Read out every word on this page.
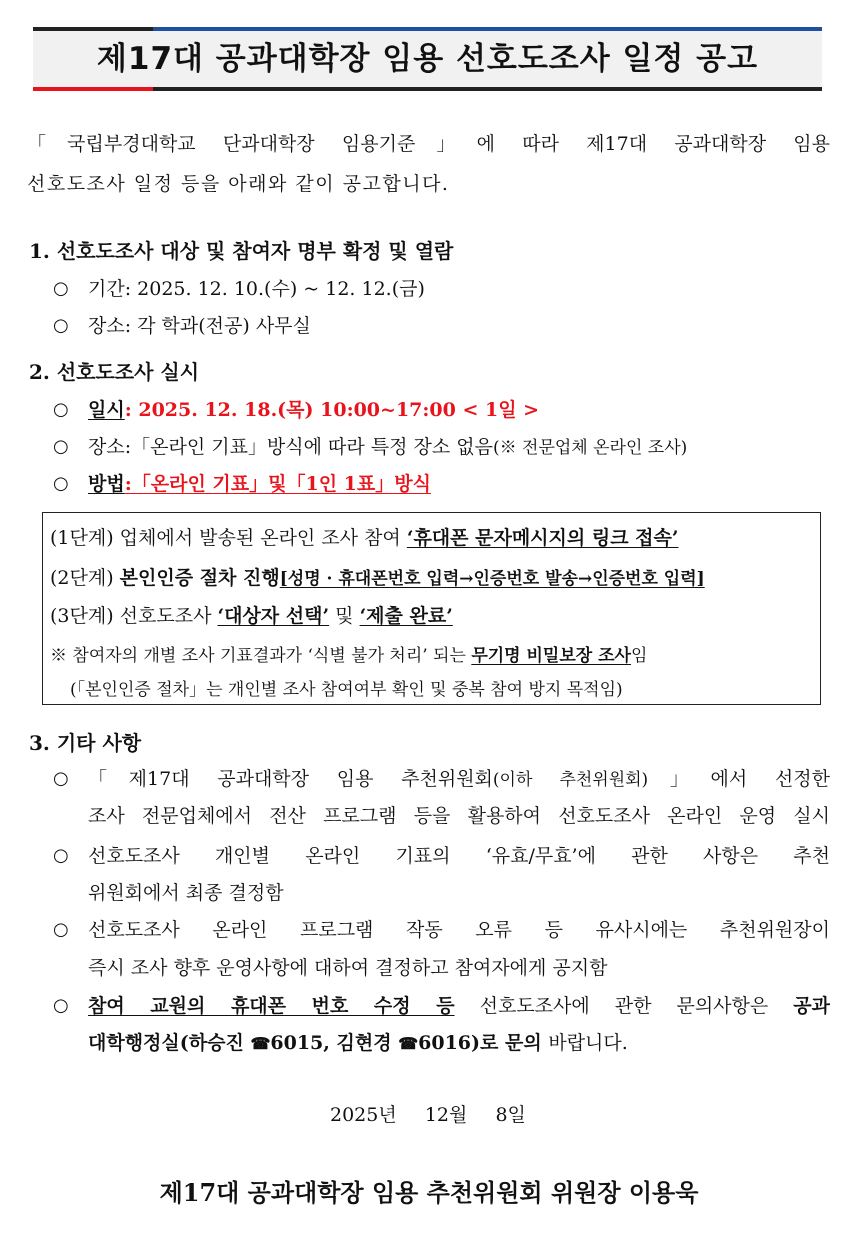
제17대 공과대학장 임용 선호도조사 일정 공고
「국립부경대학교 단과대학장 임용기준」에 따라 제17대 공과대학장 임용
선호도조사 일정 등을 아래와 같이 공고합니다.
1. 선호도조사 대상 및 참여자 명부 확정 및 열람
○ 기간: 2025. 12. 10.(수) ~ 12. 12.(금)
○ 장소: 각 학과(전공) 사무실
2. 선호도조사 실시
○ 일시: 2025. 12. 18.(목) 10:00~17:00 < 1일 >
○ 장소:「온라인 기표」방식에 따라 특정 장소 없음(※ 전문업체 온라인 조사)
○ 방법:「온라인 기표」및「1인 1표」방식
(1단계) 업체에서 발송된 온라인 조사 참여 ‘휴대폰 문자메시지의 링크 접속’
(2단계) 본인인증 절차 진행[성명 · 휴대폰번호 입력→인증번호 발송→인증번호 입력]
(3단계) 선호도조사 ‘대상자 선택’ 및 ‘제출 완료’
※ 참여자의 개별 조사 기표결과가 ‘식별 불가 처리’ 되는 무기명 비밀보장 조사임
(「본인인증 절차」는 개인별 조사 참여여부 확인 및 중복 참여 방지 목적임)
3. 기타 사항
○ 「제17대 공과대학장 임용 추천위원회(이하 추천위원회)」에서 선정한
조사 전문업체에서 전산 프로그램 등을 활용하여 선호도조사 온라인 운영 실시
○ 선호도조사 개인별 온라인 기표의 ‘유효/무효’에 관한 사항은 추천
위원회에서 최종 결정함
○ 선호도조사 온라인 프로그램 작동 오류 등 유사시에는 추천위원장이
즉시 조사 향후 운영사항에 대하여 결정하고 참여자에게 공지함
○ 참여 교원의 휴대폰 번호 수정 등 선호도조사에 관한 문의사항은 공과
대학행정실(하승진 ☎6015, 김현경 ☎6016)로 문의 바랍니다.
2025년 12월 8일
제17대 공과대학장 임용 추천위원회 위원장 이용욱
